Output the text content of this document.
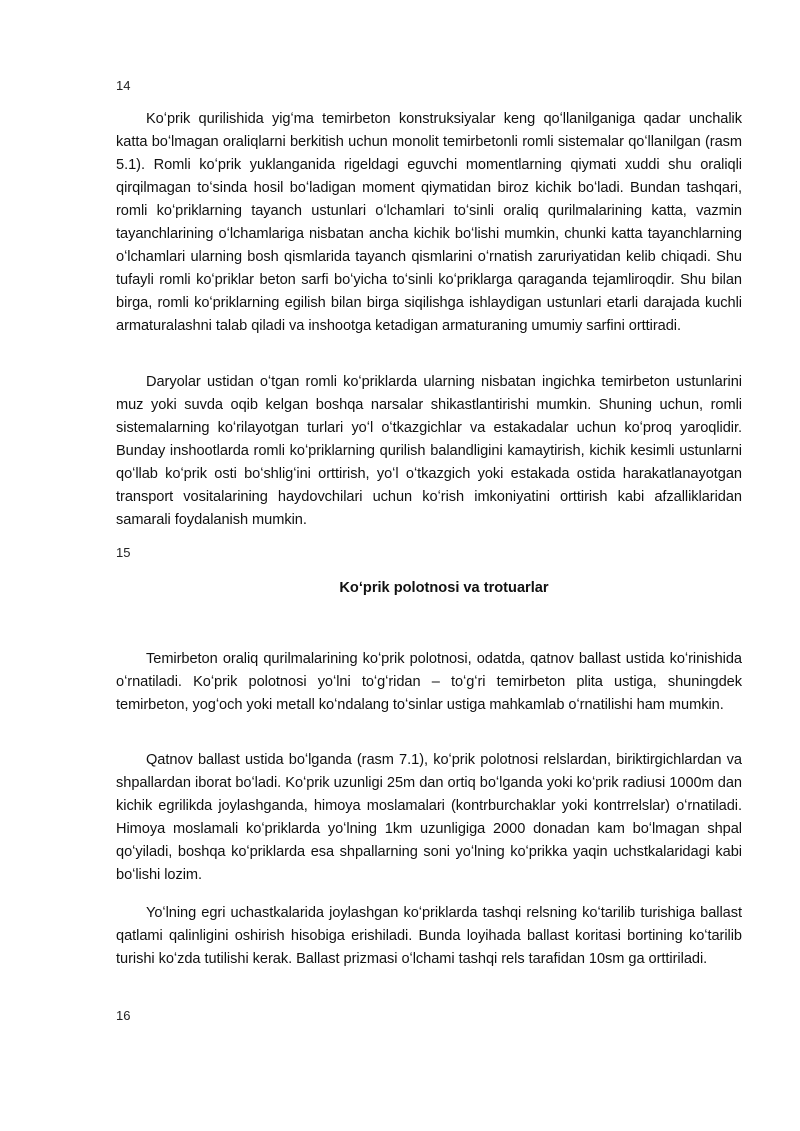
14

Koʻprik qurilishida yigʻma temirbeton konstruksiyalar keng qoʻllanilganiga qadar unchalik katta boʻlmagan oraliqlarni berkitish uchun monolit temirbetonli romli sistemalar qoʻllanilgan (rasm 5.1). Romli koʻprik yuklanganida rigeldagi eguvchi momentlarning qiymati xuddi shu oraliqli qirqilmagan toʻsinda hosil boʻladigan moment qiymatidan biroz kichik boʻladi. Bundan tashqari, romli koʻpriklarning tayanch ustunlari oʻlchamlari toʻsinli oraliq qurilmalarining katta, vazmin tayanchlarining oʻlchamlariga nisbatan ancha kichik boʻlishi mumkin, chunki katta tayanchlarning oʻlchamlari ularning bosh qismlarida tayanch qismlarini oʻrnatish zaruriyatidan kelib chiqadi. Shu tufayli romli koʻpriklar beton sarfi boʻyicha toʻsinli koʻpriklarga qaraganda tejamliroqdir. Shu bilan birga, romli koʻpriklarning egilish bilan birga siqilishga ishlaydigan ustunlari etarli darajada kuchli armaturalashni talab qiladi va inshootga ketadigan armaturaning umumiy sarfini orttiradi.

Daryolar ustidan oʻtgan romli koʻpriklarda ularning nisbatan ingichka temirbeton ustunlarini muz yoki suvda oqib kelgan boshqa narsalar shikastlantirishi mumkin. Shuning uchun, romli sistemalarning koʻrilayotgan turlari yoʻl oʻtkazgichlar va estakadalar uchun koʻproq yaroqlidir. Bunday inshootlarda romli koʻpriklarning qurilish balandligini kamaytirish, kichik kesimli ustunlarni qoʻllab koʻprik osti boʻshligʻini orttirish, yoʻl oʻtkazgich yoki estakada ostida harakatlanayotgan transport vositalarining haydovchilari uchun koʻrish imkoniyatini orttirish kabi afzalliklaridan samarali foydalanish mumkin.

15
Koʻprik polotnosi va trotuarlar

Temirbeton oraliq qurilmalarining koʻprik polotnosi, odatda, qatnov ballast ustida koʻrinishida oʻrnatiladi. Koʻprik polotnosi yoʻlni toʻgʻridan – toʻgʻri temirbeton plita ustiga, shuningdek temirbeton, yogʻoch yoki metall koʻndalang toʻsinlar ustiga mahkamlab oʻrnatilishi ham mumkin.

Qatnov ballast ustida boʻlganda (rasm 7.1), koʻprik polotnosi relslardan, biriktirgichlardan va shpallardan iborat boʻladi. Koʻprik uzunligi 25m dan ortiq boʻlganda yoki koʻprik radiusi 1000m dan kichik egrilikda joylashganda, himoya moslamalari (kontrburchaklar yoki kontrrelslar) oʻrnatiladi. Himoya moslamali koʻpriklarda yoʻlning 1km uzunligiga 2000 donadan kam boʻlmagan shpal qoʻyiladi, boshqa koʻpriklarda esa shpallarning soni yoʻlning koʻprikka yaqin uchstkalaridagi kabi boʻlishi lozim.

Yoʻlning egri uchastkalarida joylashgan koʻpriklarda tashqi relsning koʻtarilib turishiga ballast qatlami qalinligini oshirish hisobiga erishiladi. Bunda loyihada ballast koritasi bortining koʻtarilib turishi koʻzda tutilishi kerak. Ballast prizmasi oʻlchami tashqi rels tarafidan 10sm ga orttiriladi.

16
